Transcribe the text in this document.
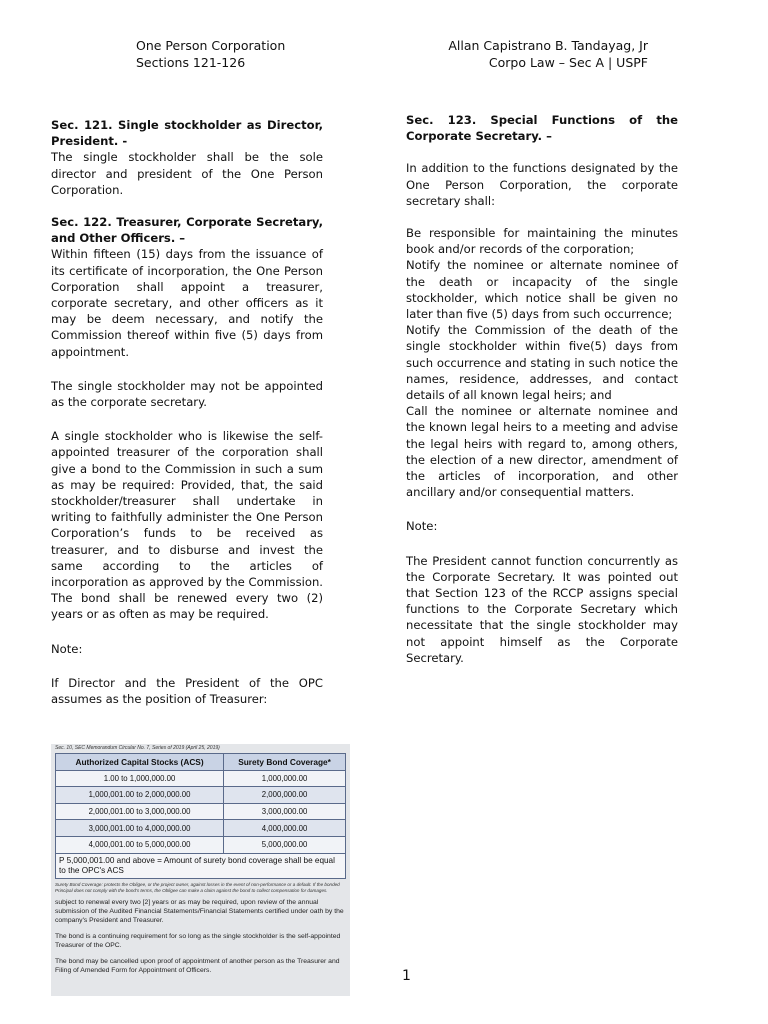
One Person Corporation
Sections 121-126
Allan Capistrano B. Tandayag, Jr
Corpo Law – Sec A | USPF

Sec. 121. Single stockholder as Director, President. -

The single stockholder shall be the sole director and president of the One Person Corporation.

Sec. 122. Treasurer, Corporate Secretary, and Other Officers. –

Within fifteen (15) days from the issuance of its certificate of incorporation, the One Person Corporation shall appoint a treasurer, corporate secretary, and other officers as it may be deem necessary, and notify the Commission thereof within five (5) days from appointment.

The single stockholder may not be appointed as the corporate secretary.

A single stockholder who is likewise the self-appointed treasurer of the corporation shall give a bond to the Commission in such a sum as may be required: Provided, that, the said stockholder/treasurer shall undertake in writing to faithfully administer the One Person Corporation’s funds to be received as treasurer, and to disburse and invest the same according to the articles of incorporation as approved by the Commission. The bond shall be renewed every two (2) years or as often as may be required.

Note:

If Director and the President of the OPC assumes as the position of Treasurer:

Sec. 10, SEC Memorandum Circular No. 7, Series of 2019 (April 25, 2019)
Authorized Capital Stocks (ACS)	Surety Bond Coverage*
1.00 to 1,000,000.00	1,000,000.00
1,000,001.00 to 2,000,000.00	2,000,000.00
2,000,001.00 to 3,000,000.00	3,000,000.00
3,000,001.00 to 4,000,000.00	4,000,000.00
4,000,001.00 to 5,000,000.00	5,000,000.00
P 5,000,001.00 and above = Amount of surety bond coverage shall be equal to the OPC's ACS
Surety Bond Coverage: protects the Obligee, or the project owner, against losses in the event of non-performance or a default. If the bonded Principal does not comply with the bond's terms, the Obligee can make a claim against the bond to collect compensation for damages.

subject to renewal every two [2] years or as may be required, upon review of the annual submission of the Audited Financial Statements/Financial Statements certified under oath by the company's President and Treasurer.

The bond is a continuing requirement for so long as the single stockholder is the self-appointed Treasurer of the OPC.

The bond may be cancelled upon proof of appointment of another person as the Treasurer and Filing of Amended Form for Appointment of Officers.

Sec. 123. Special Functions of the Corporate Secretary. –

In addition to the functions designated by the One Person Corporation, the corporate secretary shall:

Be responsible for maintaining the minutes book and/or records of the corporation;

Notify the nominee or alternate nominee of the death or incapacity of the single stockholder, which notice shall be given no later than five (5) days from such occurrence;

Notify the Commission of the death of the single stockholder within five(5) days from such occurrence and stating in such notice the names, residence, addresses, and contact details of all known legal heirs; and

Call the nominee or alternate nominee and the known legal heirs to a meeting and advise the legal heirs with regard to, among others, the election of a new director, amendment of the articles of incorporation, and other ancillary and/or consequential matters.

Note:

The President cannot function concurrently as the Corporate Secretary. It was pointed out that Section 123 of the RCCP assigns special functions to the Corporate Secretary which necessitate that the single stockholder may not appoint himself as the Corporate Secretary.

1
